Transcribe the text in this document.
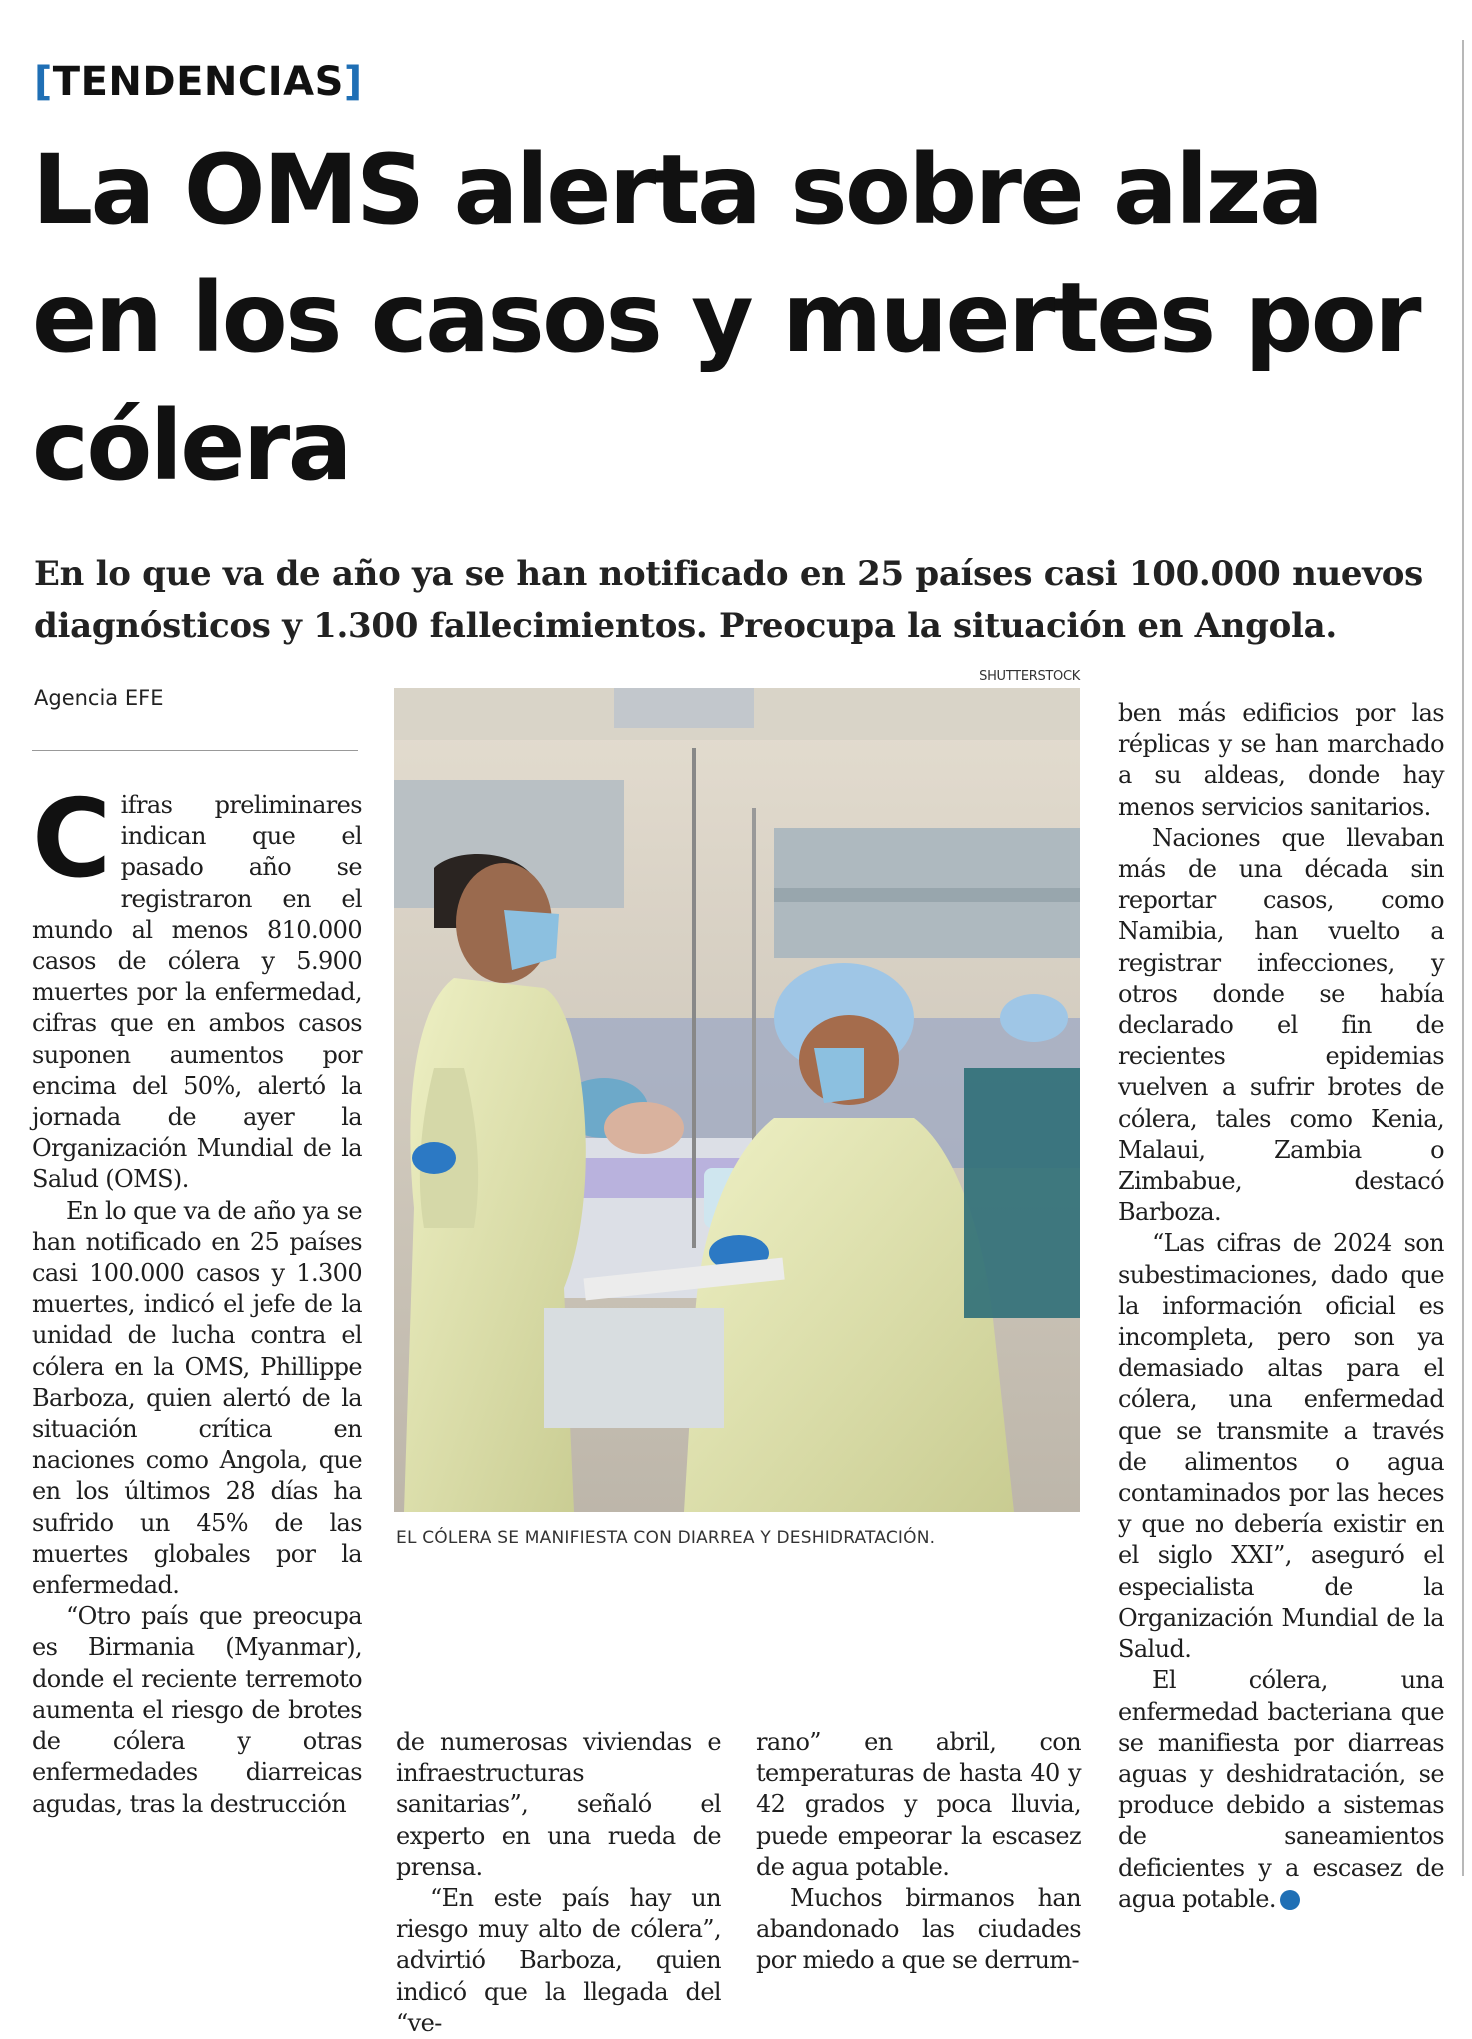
[TENDENCIAS]
La OMS alerta sobre alza en los casos y muertes por cólera

En lo que va de año ya se han notificado en 25 países casi 100.000 nuevos diagnósticos y 1.300 fallecimientos. Preocupa la situación en Angola.

Agencia EFE
SHUTTERSTOCK
EL CÓLERA SE MANIFIESTA CON DIARREA Y DESHIDRATACIÓN.

Cifras preliminares indican que el pasado año se registraron en el mundo al menos 810.000 casos de cólera y 5.900 muertes por la enfermedad, cifras que en ambos casos suponen aumentos por encima del 50%, alertó la jornada de ayer la Organización Mundial de la Salud (OMS).

En lo que va de año ya se han notificado en 25 países casi 100.000 casos y 1.300 muertes, indicó el jefe de la unidad de lucha contra el cólera en la OMS, Phillippe Barboza, quien alertó de la situación crítica en naciones como Angola, que en los últimos 28 días ha sufrido un 45% de las muertes globales por la enfermedad.

“Otro país que preocupa es Birmania (Myanmar), donde el reciente terremoto aumenta el riesgo de brotes de cólera y otras enfermedades diarreicas agudas, tras la destrucción

de numerosas viviendas e infraestructuras sanitarias”, señaló el experto en una rueda de prensa.

“En este país hay un riesgo muy alto de cólera”, advirtió Barboza, quien indicó que la llegada del “ve-

rano” en abril, con temperaturas de hasta 40 y 42 grados y poca lluvia, puede empeorar la escasez de agua potable.

Muchos birmanos han abandonado las ciudades por miedo a que se derrum-

ben más edificios por las réplicas y se han marchado a su aldeas, donde hay menos servicios sanitarios.

Naciones que llevaban más de una década sin reportar casos, como Namibia, han vuelto a registrar infecciones, y otros donde se había declarado el fin de recientes epidemias vuelven a sufrir brotes de cólera, tales como Kenia, Malaui, Zambia o Zimbabue, destacó Barboza.

“Las cifras de 2024 son subestimaciones, dado que la información oficial es incompleta, pero son ya demasiado altas para el cólera, una enfermedad que se transmite a través de alimentos o agua contaminados por las heces y que no debería existir en el siglo XXI”, aseguró el especialista de la Organización Mundial de la Salud.

El cólera, una enfermedad bacteriana que se manifiesta por diarreas aguas y deshidratación, se produce debido a sistemas de saneamientos deficientes y a escasez de agua potable.	✪
